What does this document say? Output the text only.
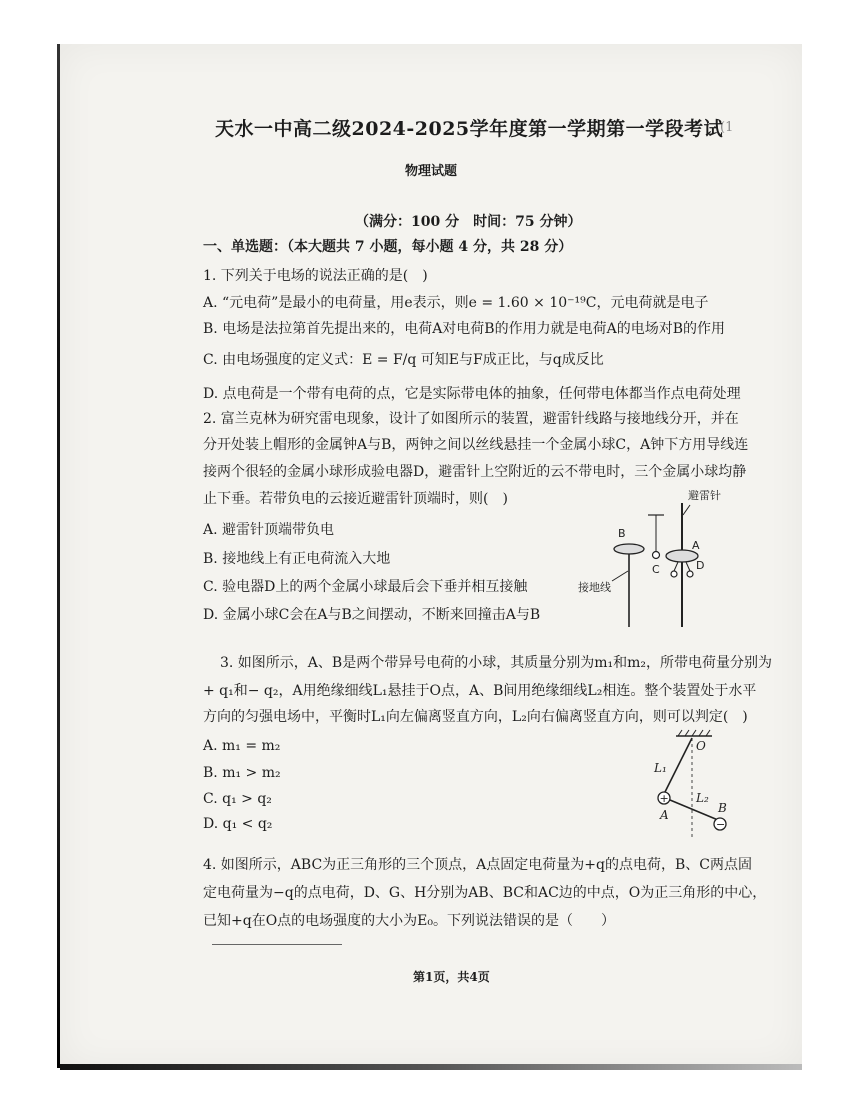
(1
天水一中高二级2024-2025学年度第一学期第一学段考试
物理试题
（满分：100 分　时间：75 分钟）
一、单选题：（本大题共 7 小题，每小题 4 分，共 28 分）
1. 下列关于电场的说法正确的是(　)
A. “元电荷”是最小的电荷量，用e表示，则e = 1.60 × 10⁻¹⁹C，元电荷就是电子
B. 电场是法拉第首先提出来的，电荷A对电荷B的作用力就是电荷A的电场对B的作用
C. 由电场强度的定义式：E = F/q 可知E与F成正比，与q成反比
D. 点电荷是一个带有电荷的点，它是实际带电体的抽象，任何带电体都当作点电荷处理
2. 富兰克林为研究雷电现象，设计了如图所示的装置，避雷针线路与接地线分开，并在
分开处装上帽形的金属钟A与B，两钟之间以丝线悬挂一个金属小球C，A钟下方用导线连
接两个很轻的金属小球形成验电器D，避雷针上空附近的云不带电时，三个金属小球均静
止下垂。若带负电的云接近避雷针顶端时，则(　)
A. 避雷针顶端带负电
B. 接地线上有正电荷流入大地
C. 验电器D上的两个金属小球最后会下垂并相互接触
D. 金属小球C会在A与B之间摆动，不断来回撞击A与B
避雷针
A
D
B
C
接地线
3. 如图所示，A、B是两个带异号电荷的小球，其质量分别为m₁和m₂，所带电荷量分别为
+ q₁和− q₂，A用绝缘细线L₁悬挂于O点，A、B间用绝缘细线L₂相连。整个装置处于水平
方向的匀强电场中，平衡时L₁向左偏离竖直方向，L₂向右偏离竖直方向，则可以判定(　)
A. m₁ = m₂
B. m₁ > m₂
C. q₁ > q₂
D. q₁ < q₂
O
L₁
+
A
L₂
−
B
4. 如图所示，ABC为正三角形的三个顶点，A点固定电荷量为+q的点电荷，B、C两点固
定电荷量为−q的点电荷，D、G、H分别为AB、BC和AC边的中点，O为正三角形的中心，
已知+q在O点的电场强度的大小为E₀。下列说法错误的是（　　）
第1页，共4页
